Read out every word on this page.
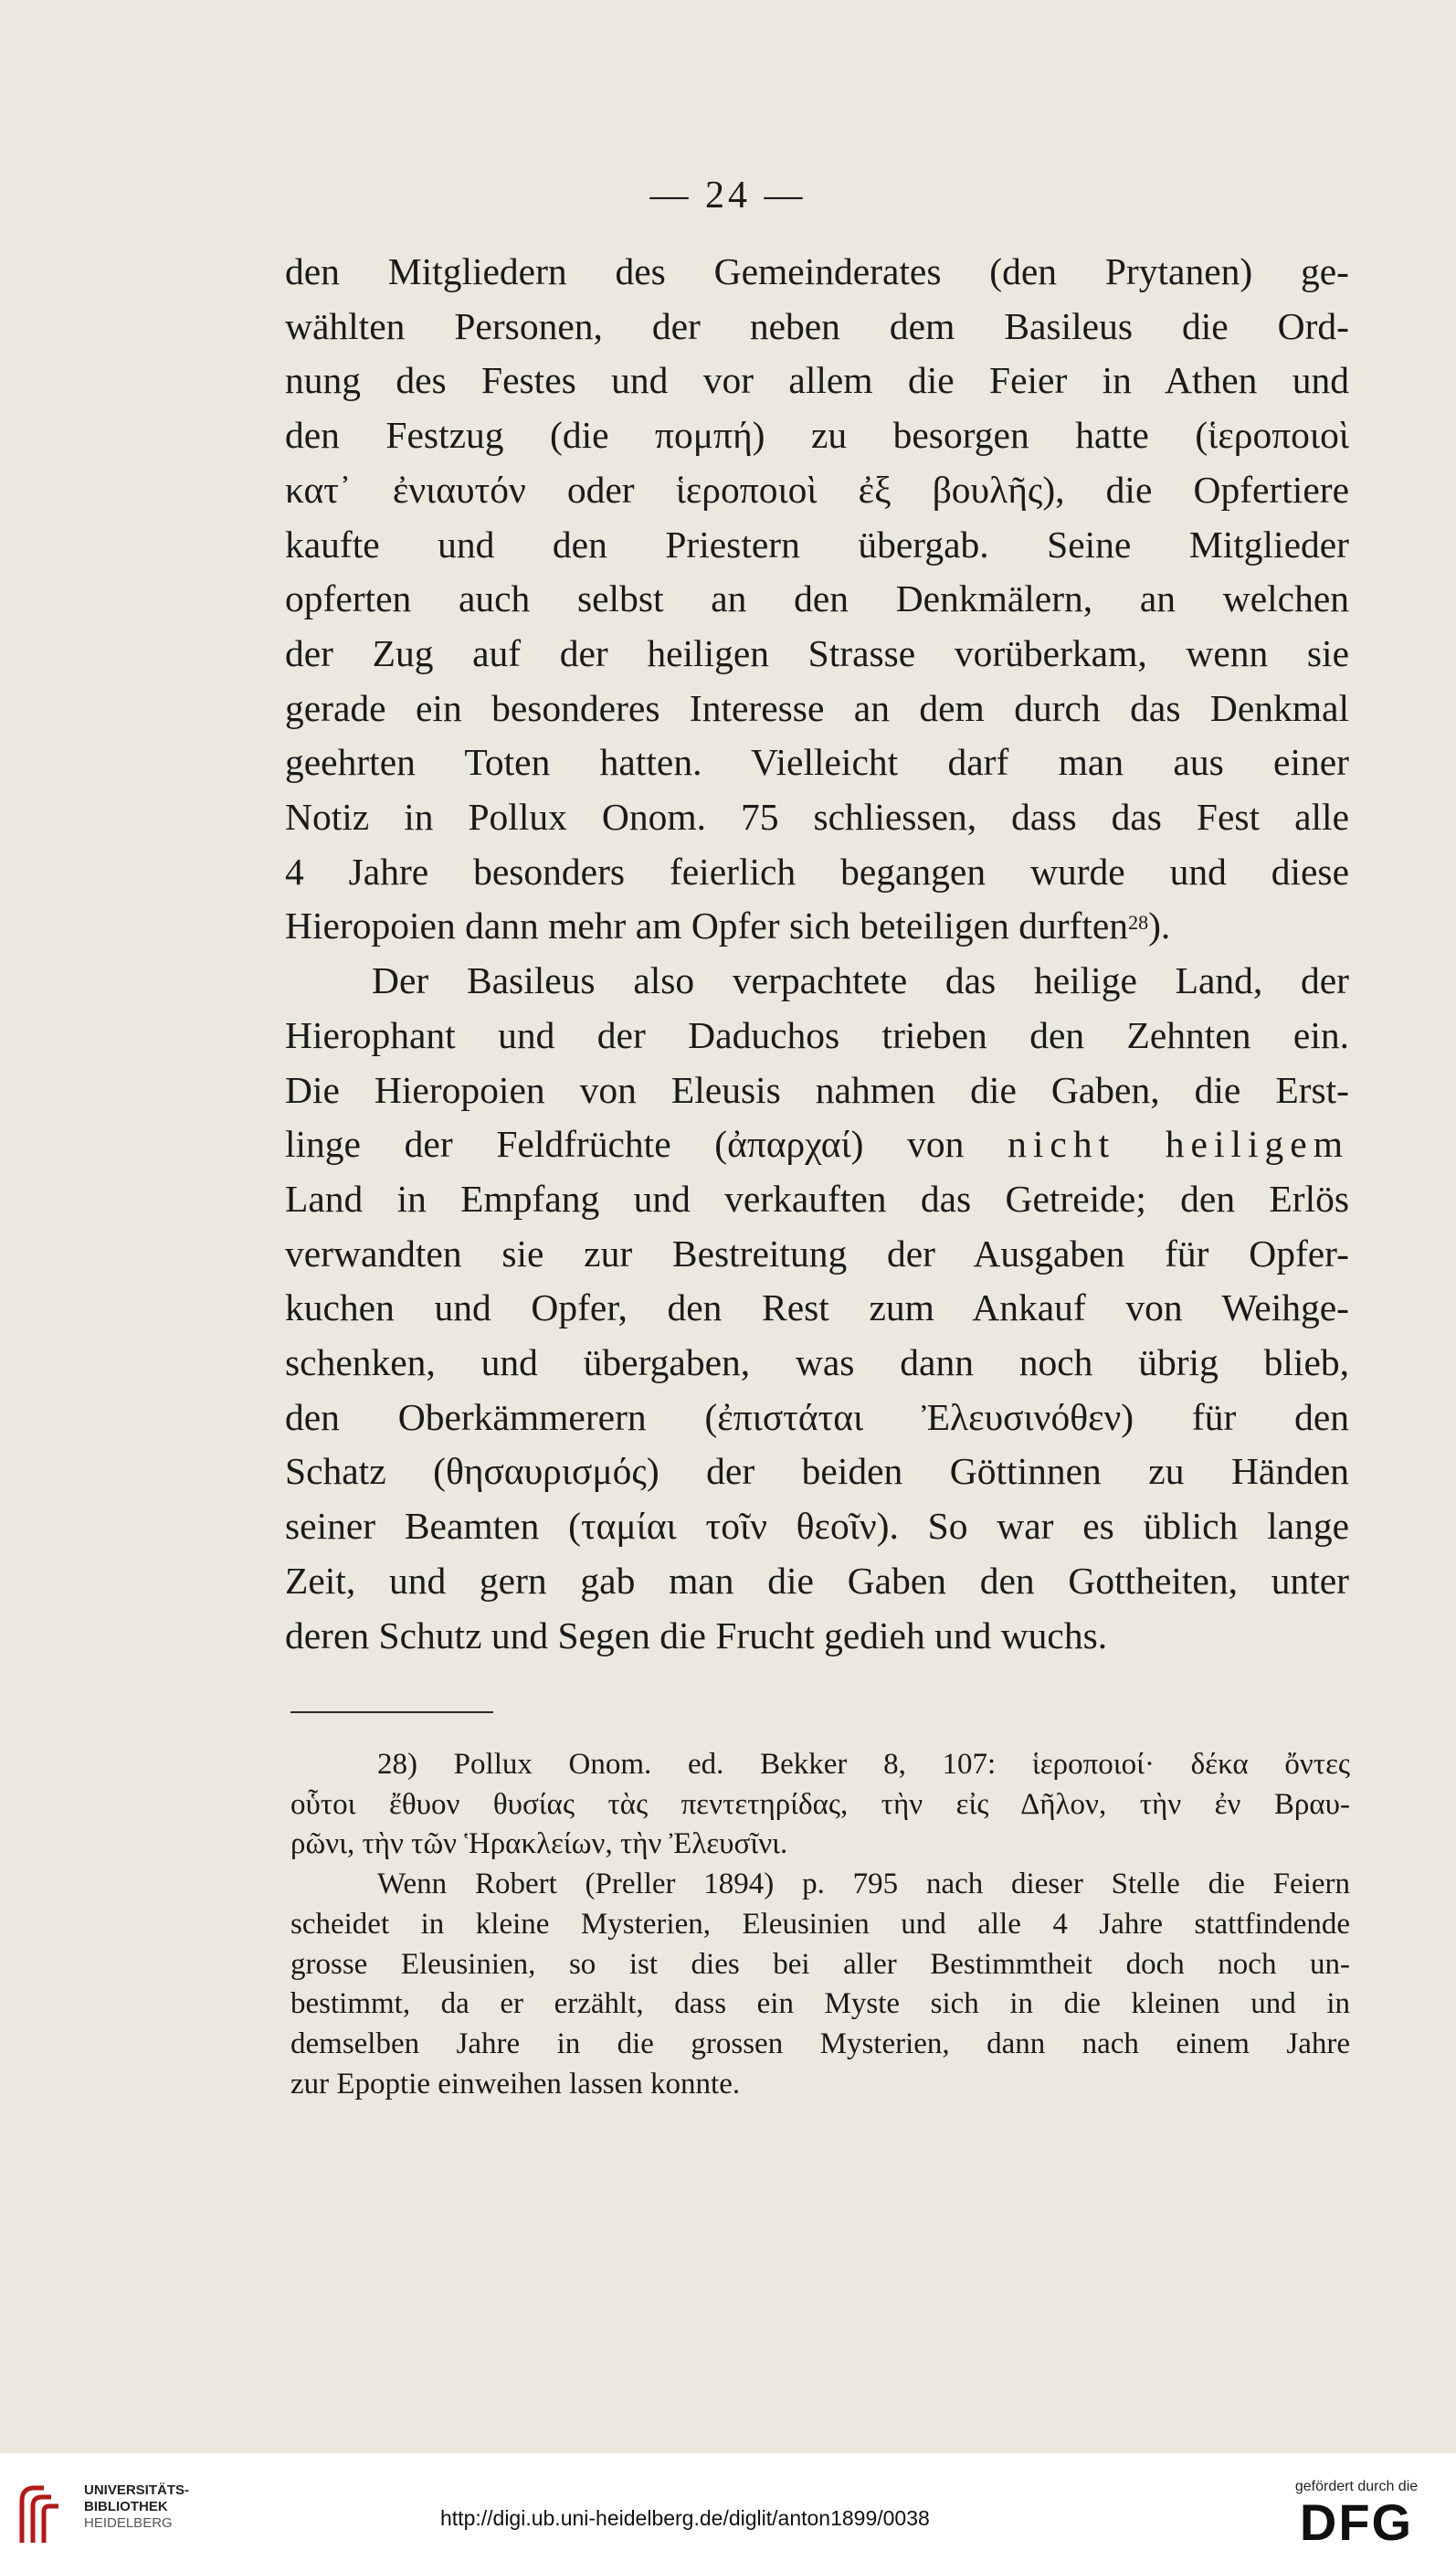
— 24 —
den Mitgliedern des Gemeinderates (den Prytanen) ge-
wählten Personen, der neben dem Basileus die Ord-
nung des Festes und vor allem die Feier in Athen und
den Festzug (die πομπή) zu besorgen hatte (ἱεροποιοὶ
κατ᾽ ἐνιαυτόν oder ἱεροποιοὶ ἐξ βουλῆς), die Opfertiere
kaufte und den Priestern übergab. Seine Mitglieder
opferten auch selbst an den Denkmälern, an welchen
der Zug auf der heiligen Strasse vorüberkam, wenn sie
gerade ein besonderes Interesse an dem durch das Denkmal
geehrten Toten hatten. Vielleicht darf man aus einer
Notiz in Pollux Onom. 75 schliessen, dass das Fest alle
4 Jahre besonders feierlich begangen wurde und diese
Hieropoien dann mehr am Opfer sich beteiligen durften$^{28}$).
Der Basileus also verpachtete das heilige Land, der
Hierophant und der Daduchos trieben den Zehnten ein.
Die Hieropoien von Eleusis nahmen die Gaben, die Erst-
linge der Feldfrüchte (ἀπαρχαί) von nicht heiligem
Land in Empfang und verkauften das Getreide; den Erlös
verwandten sie zur Bestreitung der Ausgaben für Opfer-
kuchen und Opfer, den Rest zum Ankauf von Weihge-
schenken, und übergaben, was dann noch übrig blieb,
den Oberkämmerern (ἐπιστάται Ἐλευσινόθεν) für den
Schatz (θησαυρισμός) der beiden Göttinnen zu Händen
seiner Beamten (ταμίαι τοῖν θεοῖν). So war es üblich lange
Zeit, und gern gab man die Gaben den Gottheiten, unter
deren Schutz und Segen die Frucht gedieh und wuchs.
28) Pollux Onom. ed. Bekker 8, 107: ἱεροποιοί· δέκα ὄντες
οὗτοι ἔθυον θυσίας τὰς πεντετηρίδας, τὴν εἰς Δῆλον, τὴν ἐν Βραυ-
ρῶνι, τὴν τῶν Ἡρακλείων, τὴν Ἐλευσῖνι.
Wenn Robert (Preller 1894) p. 795 nach dieser Stelle die Feiern
scheidet in kleine Mysterien, Eleusinien und alle 4 Jahre stattfindende
grosse Eleusinien, so ist dies bei aller Bestimmtheit doch noch un-
bestimmt, da er erzählt, dass ein Myste sich in die kleinen und in
demselben Jahre in die grossen Mysterien, dann nach einem Jahre
zur Epoptie einweihen lassen konnte.
UNIVERSITÄTS-
BIBLIOTHEK
HEIDELBERG	http://digi.ub.uni-heidelberg.de/diglit/anton1899/0038
gefördert durch die
DFG
